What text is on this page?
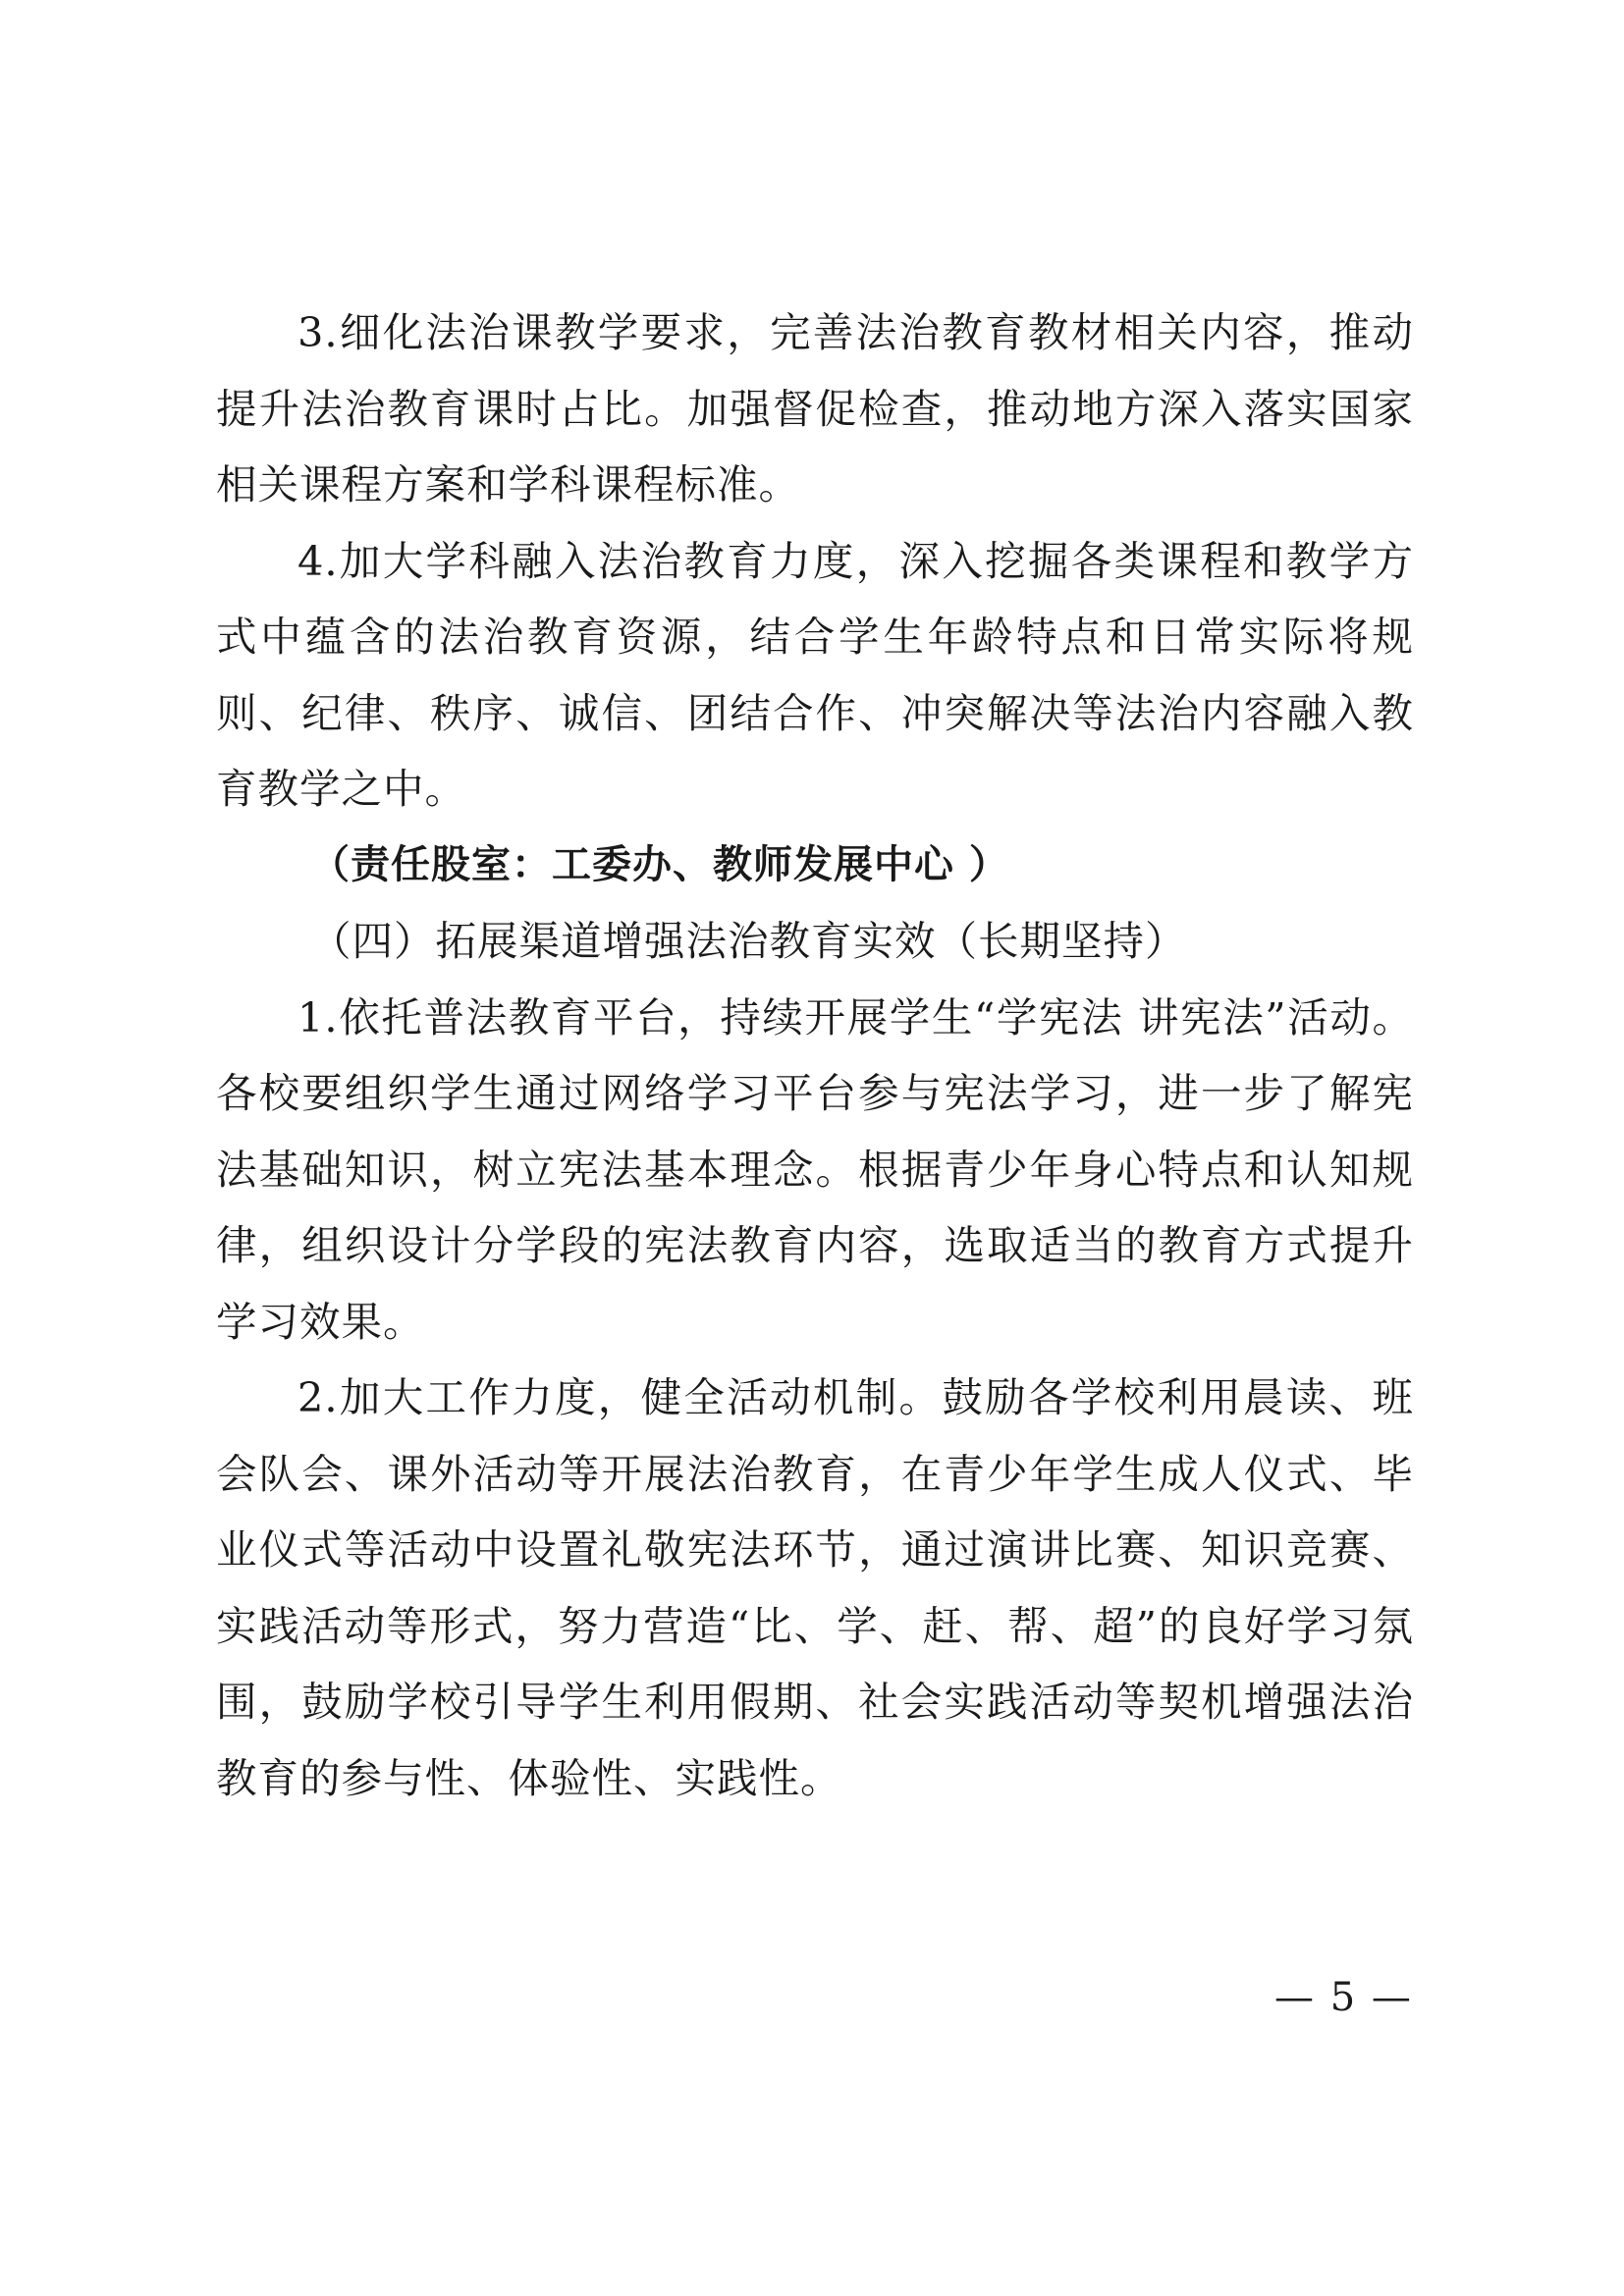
3.细化法治课教学要求，完善法治教育教材相关内容，推动提升法治教育课时占比。加强督促检查，推动地方深入落实国家相关课程方案和学科课程标准。

4.加大学科融入法治教育力度，深入挖掘各类课程和教学方式中蕴含的法治教育资源，结合学生年龄特点和日常实际将规则、纪律、秩序、诚信、团结合作、冲突解决等法治内容融入教育教学之中。

（责任股室：工委办、教师发展中心 ）

（四）拓展渠道增强法治教育实效（长期坚持）

1.依托普法教育平台，持续开展学生“学宪法 讲宪法”活动。各校要组织学生通过网络学习平台参与宪法学习，进一步了解宪法基础知识，树立宪法基本理念。根据青少年身心特点和认知规律，组织设计分学段的宪法教育内容，选取适当的教育方式提升学习效果。

2.加大工作力度，健全活动机制。鼓励各学校利用晨读、班会队会、课外活动等开展法治教育，在青少年学生成人仪式、毕业仪式等活动中设置礼敬宪法环节，通过演讲比赛、知识竞赛、实践活动等形式，努力营造“比、学、赶、帮、超”的良好学习氛围，鼓励学校引导学生利用假期、社会实践活动等契机增强法治教育的参与性、体验性、实践性。

— 5 —
